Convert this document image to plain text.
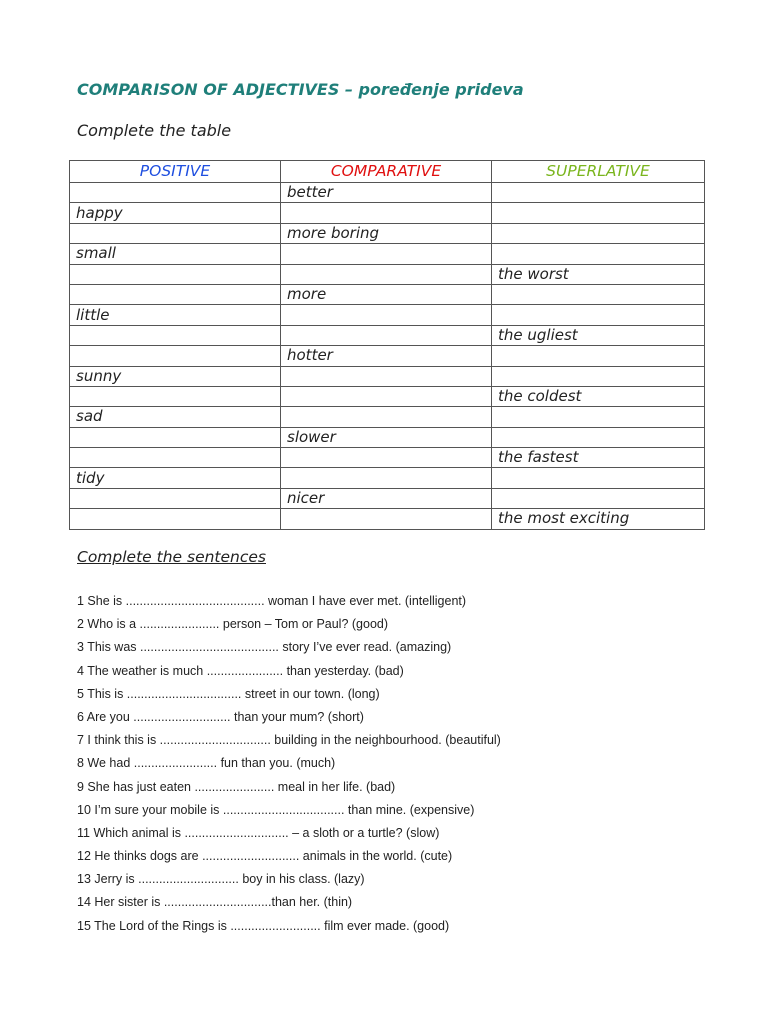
COMPARISON OF ADJECTIVES – poređenje prideva
Complete the table
POSITIVE	COMPARATIVE	SUPERLATIVE
	better	
happy		
	more boring	
small		
		the worst
	more	
little		
		the ugliest
	hotter	
sunny		
		the coldest
sad		
	slower	
		the fastest
tidy		
	nicer	
		the most exciting
Complete the sentences
1 She is ........................................ woman I have ever met. (intelligent)
2 Who is a ....................... person – Tom or Paul? (good)
3 This was ........................................ story I’ve ever read. (amazing)
4 The weather is much ...................... than yesterday. (bad)
5 This is ................................. street in our town. (long)
6 Are you ............................ than your mum? (short)
7 I think this is ................................ building in the neighbourhood. (beautiful)
8 We had ........................ fun than you. (much)
9 She has just eaten ....................... meal in her life. (bad)
10 I’m sure your mobile is ................................... than mine. (expensive)
11 Which animal is .............................. – a sloth or a turtle? (slow)
12 He thinks dogs are ............................ animals in the world. (cute)
13 Jerry is ............................. boy in his class. (lazy)
14 Her sister is ...............................than her. (thin)
15 The Lord of the Rings is .......................... film ever made. (good)
